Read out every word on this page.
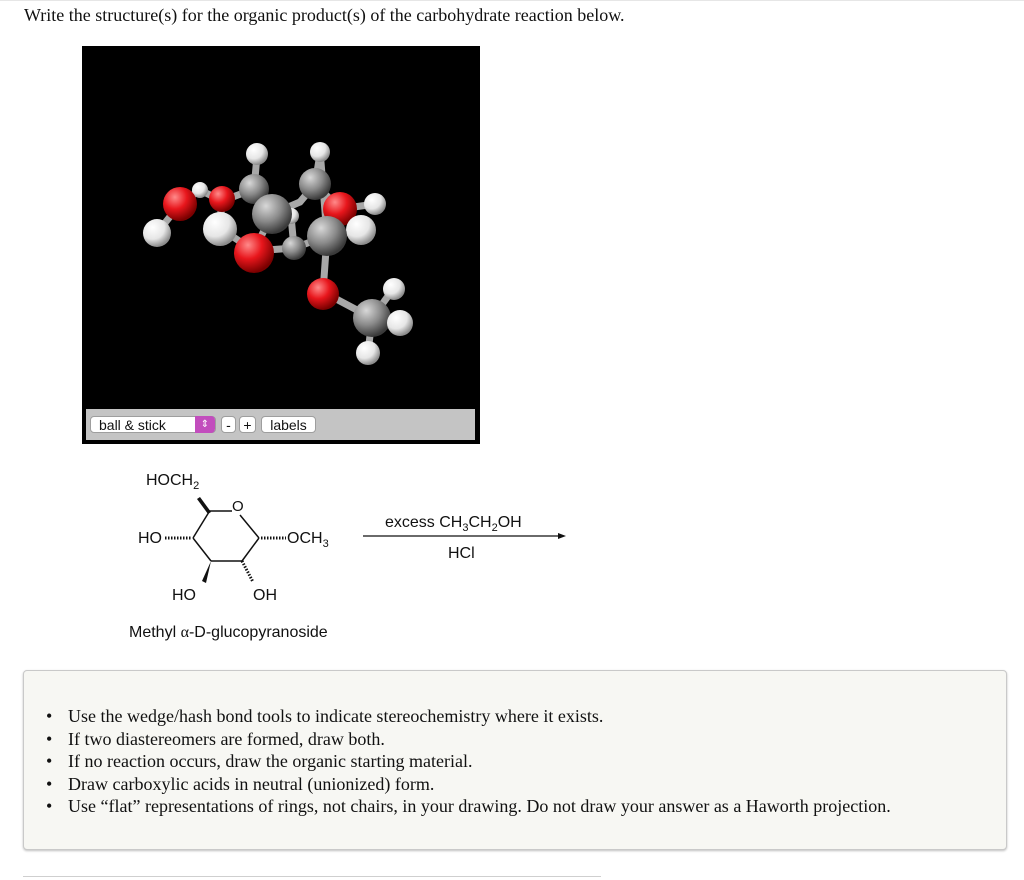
Write the structure(s) for the organic product(s) of the carbohydrate reaction below.
ball & stick	⇕	- +	labels
$HOCH_2$
O
HO	$OCH_3$
HO	OH
Methyl α-D-glucopyranoside
excess $CH_3CH_2OH$
HCl
• Use the wedge/hash bond tools to indicate stereochemistry where it exists.
• If two diastereomers are formed, draw both.
• If no reaction occurs, draw the organic starting material.
• Draw carboxylic acids in neutral (unionized) form.
• Use “flat” representations of rings, not chairs, in your drawing. Do not draw your answer as a Haworth projection.
